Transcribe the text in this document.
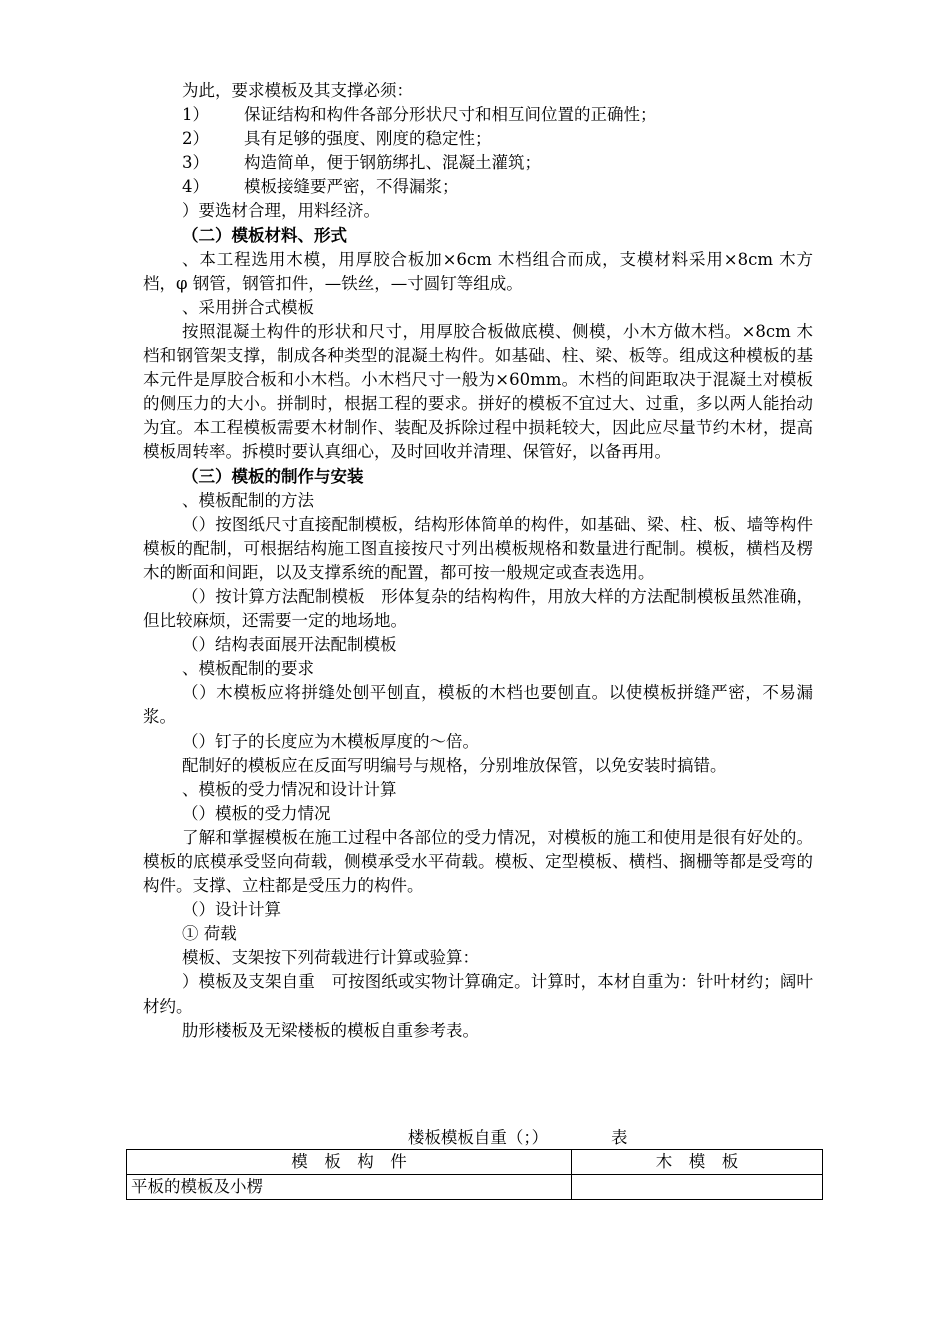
为此，要求模板及其支撑必须：

1） 保证结构和构件各部分形状尺寸和相互间位置的正确性；

2） 具有足够的强度、刚度的稳定性；

3） 构造简单，便于钢筋绑扎、混凝土灌筑；

4） 模板接缝要严密，不得漏浆；

）要选材合理，用料经济。

（二）模板材料、形式

、本工程选用木模，用厚胶合板加×6cm 木档组合而成，支模材料采用×8cm 木方档，φ 钢管，钢管扣件，—铁丝，—寸圆钉等组成。

、采用拼合式模板

按照混凝土构件的形状和尺寸，用厚胶合板做底模、侧模，小木方做木档。×8cm 木档和钢管架支撑，制成各种类型的混凝土构件。如基础、柱、梁、板等。组成这种模板的基本元件是厚胶合板和小木档。小木档尺寸一般为×60mm。木档的间距取决于混凝土对模板的侧压力的大小。拼制时，根据工程的要求。拼好的模板不宜过大、过重，多以两人能抬动为宜。本工程模板需要木材制作、装配及拆除过程中损耗较大，因此应尽量节约木材，提高模板周转率。拆模时要认真细心，及时回收并清理、保管好，以备再用。

（三）模板的制作与安装

、模板配制的方法

（）按图纸尺寸直接配制模板，结构形体简单的构件，如基础、梁、柱、板、墙等构件模板的配制，可根据结构施工图直接按尺寸列出模板规格和数量进行配制。模板，横档及楞木的断面和间距，以及支撑系统的配置，都可按一般规定或查表选用。

（）按计算方法配制模板　形体复杂的结构构件，用放大样的方法配制模板虽然准确，但比较麻烦，还需要一定的地场地。

（）结构表面展开法配制模板

、模板配制的要求

（）木模板应将拼缝处刨平刨直，模板的木档也要刨直。以使模板拼缝严密，不易漏浆。

（）钉子的长度应为木模板厚度的～倍。

配制好的模板应在反面写明编号与规格，分别堆放保管，以免安装时搞错。

、模板的受力情况和设计计算

（）模板的受力情况

了解和掌握模板在施工过程中各部位的受力情况，对模板的施工和使用是很有好处的。模板的底模承受竖向荷载，侧模承受水平荷载。模板、定型模板、横档、搁栅等都是受弯的构件。支撑、立柱都是受压力的构件。

（）设计计算

① 荷载

模板、支架按下列荷载进行计算或验算：

）模板及支架自重　可按图纸或实物计算确定。计算时，本材自重为：针叶材约；阔叶材约。

肋形楼板及无梁楼板的模板自重参考表。

楼板模板自重（；）	表

模　板　构　件	木　模　板
平板的模板及小楞	
